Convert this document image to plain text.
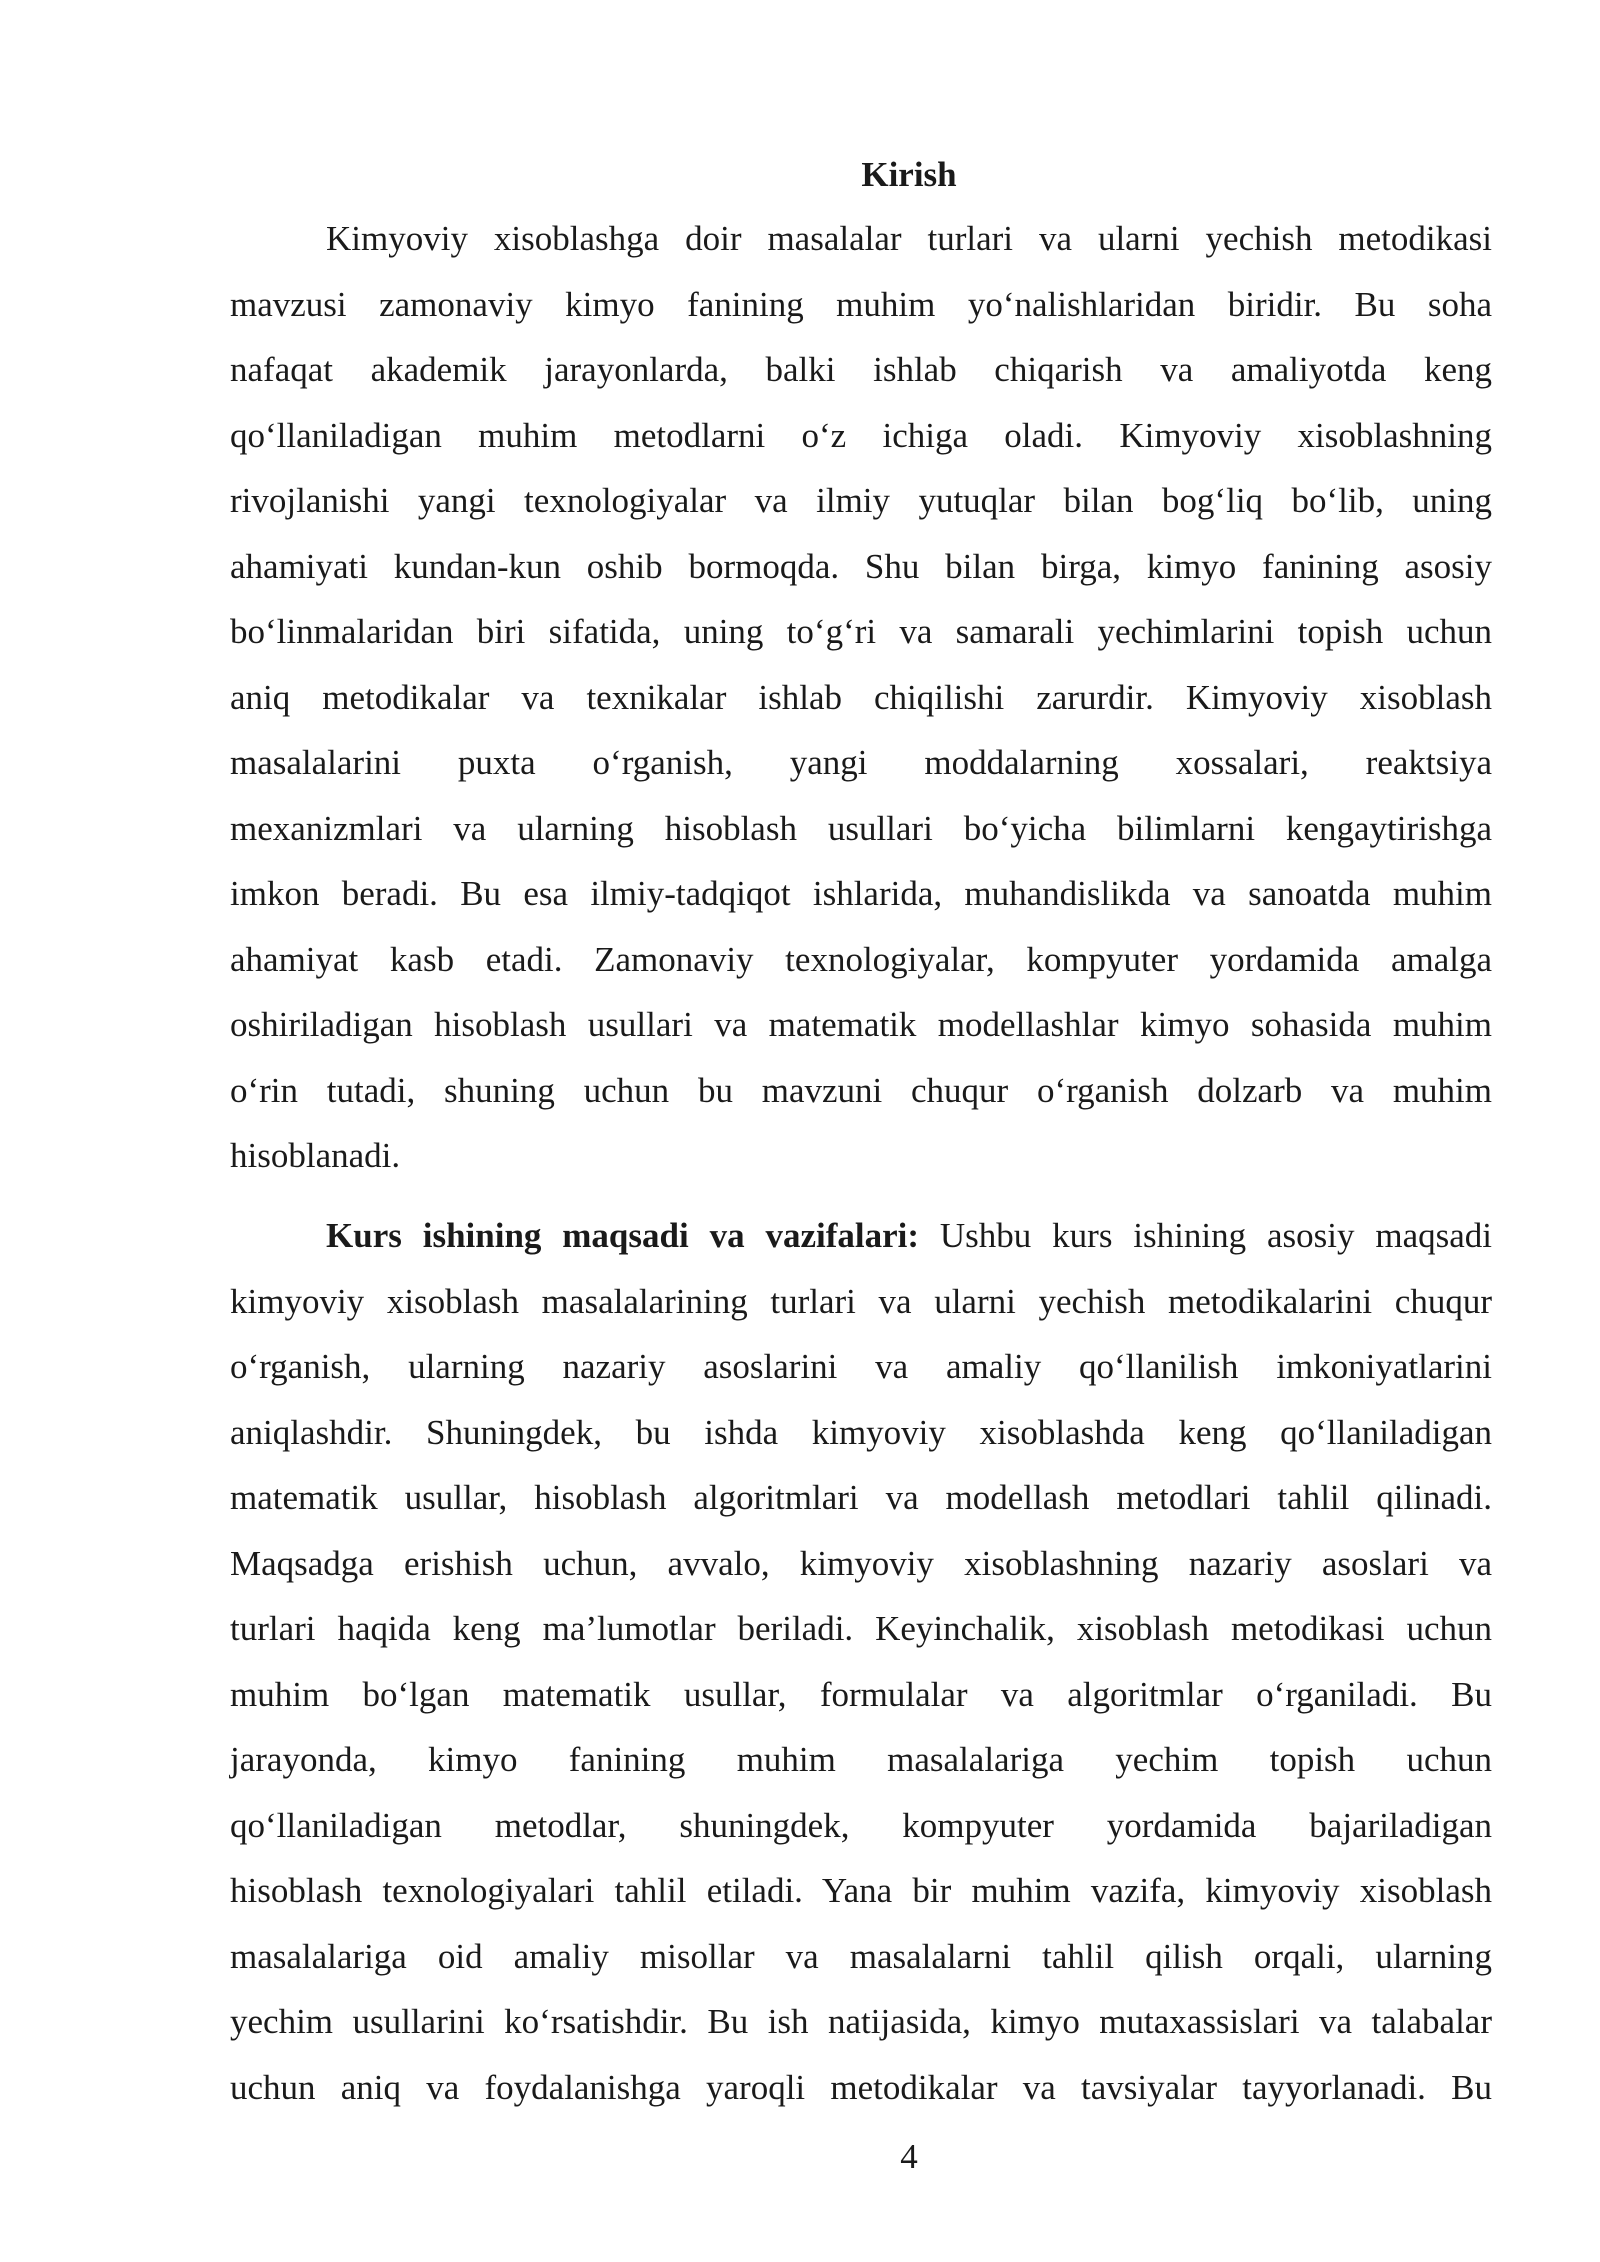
Kirish
Kimyoviy xisoblashga doir masalalar turlari va ularni yechish metodikasi
mavzusi zamonaviy kimyo fanining muhim yo‘nalishlaridan biridir. Bu soha
nafaqat akademik jarayonlarda, balki ishlab chiqarish va amaliyotda keng
qo‘llaniladigan muhim metodlarni o‘z ichiga oladi. Kimyoviy xisoblashning
rivojlanishi yangi texnologiyalar va ilmiy yutuqlar bilan bog‘liq bo‘lib, uning
ahamiyati kundan-kun oshib bormoqda. Shu bilan birga, kimyo fanining asosiy
bo‘linmalaridan biri sifatida, uning to‘g‘ri va samarali yechimlarini topish uchun
aniq metodikalar va texnikalar ishlab chiqilishi zarurdir. Kimyoviy xisoblash
masalalarini puxta o‘rganish, yangi moddalarning xossalari, reaktsiya
mexanizmlari va ularning hisoblash usullari bo‘yicha bilimlarni kengaytirishga
imkon beradi. Bu esa ilmiy-tadqiqot ishlarida, muhandislikda va sanoatda muhim
ahamiyat kasb etadi. Zamonaviy texnologiyalar, kompyuter yordamida amalga
oshiriladigan hisoblash usullari va matematik modellashlar kimyo sohasida muhim
o‘rin tutadi, shuning uchun bu mavzuni chuqur o‘rganish dolzarb va muhim
hisoblanadi.
Kurs ishining maqsadi va vazifalari: Ushbu kurs ishining asosiy maqsadi
kimyoviy xisoblash masalalarining turlari va ularni yechish metodikalarini chuqur
o‘rganish, ularning nazariy asoslarini va amaliy qo‘llanilish imkoniyatlarini
aniqlashdir. Shuningdek, bu ishda kimyoviy xisoblashda keng qo‘llaniladigan
matematik usullar, hisoblash algoritmlari va modellash metodlari tahlil qilinadi.
Maqsadga erishish uchun, avvalo, kimyoviy xisoblashning nazariy asoslari va
turlari haqida keng ma’lumotlar beriladi. Keyinchalik, xisoblash metodikasi uchun
muhim bo‘lgan matematik usullar, formulalar va algoritmlar o‘rganiladi. Bu
jarayonda, kimyo fanining muhim masalalariga yechim topish uchun
qo‘llaniladigan metodlar, shuningdek, kompyuter yordamida bajariladigan
hisoblash texnologiyalari tahlil etiladi. Yana bir muhim vazifa, kimyoviy xisoblash
masalalariga oid amaliy misollar va masalalarni tahlil qilish orqali, ularning
yechim usullarini ko‘rsatishdir. Bu ish natijasida, kimyo mutaxassislari va talabalar
uchun aniq va foydalanishga yaroqli metodikalar va tavsiyalar tayyorlanadi. Bu
4
